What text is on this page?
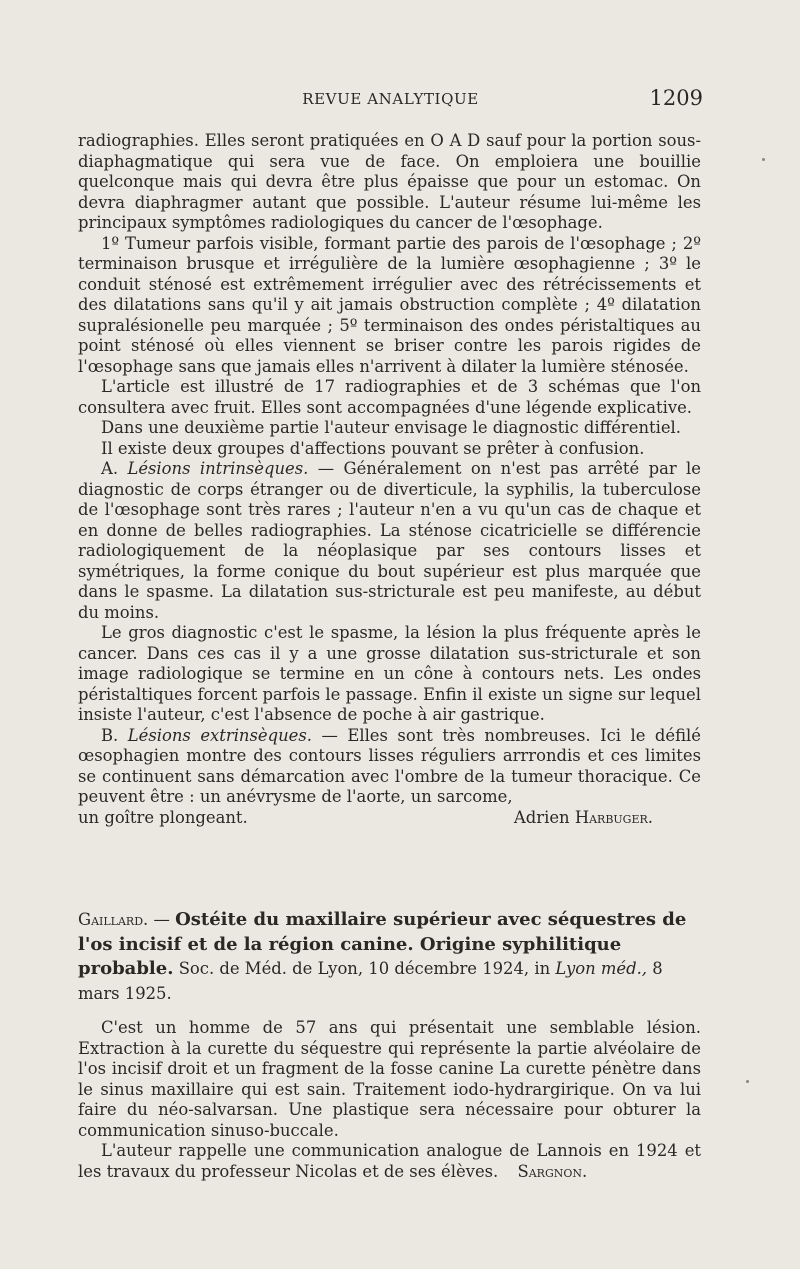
REVUE ANALYTIQUE	1209

radiographies. Elles seront pratiquées en O A D sauf pour la portion sous-diaphagmatique qui sera vue de face. On emploiera une bouillie quelconque mais qui devra être plus épaisse que pour un estomac. On devra diaphragmer autant que possible. L'auteur résume lui-même les principaux symptômes radiologiques du cancer de l'œsophage.

1º Tumeur parfois visible, formant partie des parois de l'œsophage ; 2º terminaison brusque et irrégulière de la lumière œsophagienne ; 3º le conduit sténosé est extrêmement irrégulier avec des rétrécissements et des dilatations sans qu'il y ait jamais obstruction complète ; 4º dilatation supralésionelle peu marquée ; 5º terminaison des ondes péristaltiques au point sténosé où elles viennent se briser contre les parois rigides de l'œsophage sans que jamais elles n'arrivent à dilater la lumière sténosée.

L'article est illustré de 17 radiographies et de 3 schémas que l'on consultera avec fruit. Elles sont accompagnées d'une légende explicative.

Dans une deuxième partie l'auteur envisage le diagnostic différentiel.

Il existe deux groupes d'affections pouvant se prêter à confusion.

A. Lésions intrinsèques. — Généralement on n'est pas arrêté par le diagnostic de corps étranger ou de diverticule, la syphilis, la tuberculose de l'œsophage sont très rares ; l'auteur n'en a vu qu'un cas de chaque et en donne de belles radiographies. La sténose cicatricielle se différencie radiologiquement de la néoplasique par ses contours lisses et symétriques, la forme conique du bout supérieur est plus marquée que dans le spasme. La dilatation sus-stricturale est peu manifeste, au début du moins.

Le gros diagnostic c'est le spasme, la lésion la plus fréquente après le cancer. Dans ces cas il y a une grosse dilatation sus-stricturale et son image radiologique se termine en un cône à contours nets. Les ondes péristaltiques forcent parfois le passage. Enfin il existe un signe sur lequel insiste l'auteur, c'est l'absence de poche à air gastrique.

B. Lésions extrinsèques. — Elles sont très nombreuses. Ici le défilé œsophagien montre des contours lisses réguliers arrrondis et ces limites se continuent sans démarcation avec l'ombre de la tumeur thoracique. Ce peuvent être : un anévrysme de l'aorte, un sarcome,

un goître plongeant.	Adrien Harbuger.

Gaillard. — Ostéite du maxillaire supérieur avec séquestres de l'os incisif et de la région canine. Origine syphilitique probable. Soc. de Méd. de Lyon, 10 décembre 1924, in Lyon méd., 8 mars 1925.

C'est un homme de 57 ans qui présentait une semblable lésion. Extraction à la curette du séquestre qui représente la partie alvéolaire de l'os incisif droit et un fragment de la fosse canine La curette pénètre dans le sinus maxillaire qui est sain. Traitement iodo-hydrargirique. On va lui faire du néo-salvarsan. Une plastique sera nécessaire pour obturer la communication sinuso-buccale.

L'auteur rappelle une communication analogue de Lannois en 1924 et les travaux du professeur Nicolas et de ses élèves. Sargnon.
